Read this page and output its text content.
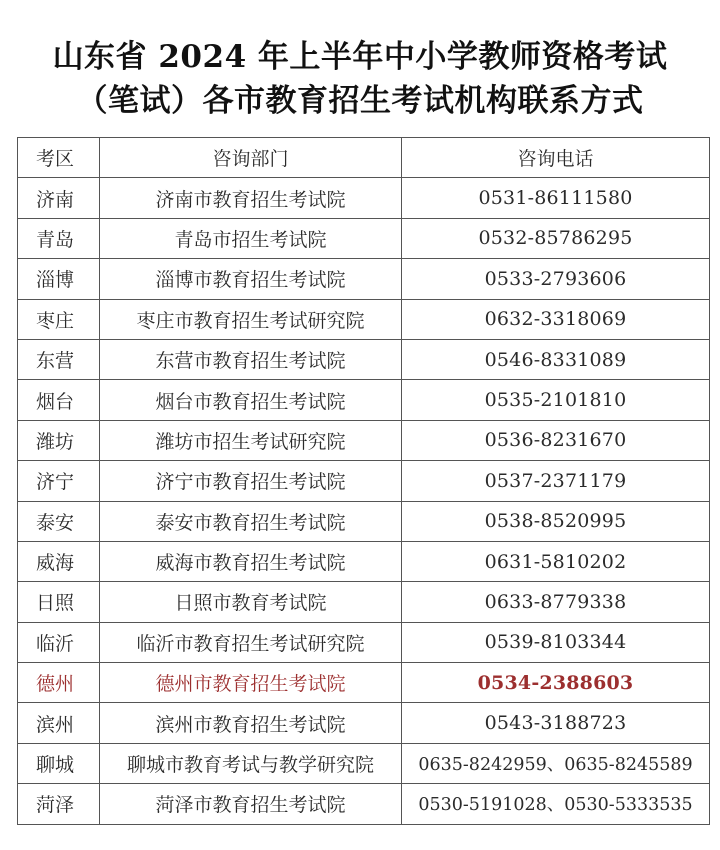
山东省 2024 年上半年中小学教师资格考试
（笔试）各市教育招生考试机构联系方式
考区	咨询部门	咨询电话
济南	济南市教育招生考试院	0531-86111580
青岛	青岛市招生考试院	0532-85786295
淄博	淄博市教育招生考试院	0533-2793606
枣庄	枣庄市教育招生考试研究院	0632-3318069
东营	东营市教育招生考试院	0546-8331089
烟台	烟台市教育招生考试院	0535-2101810
潍坊	潍坊市招生考试研究院	0536-8231670
济宁	济宁市教育招生考试院	0537-2371179
泰安	泰安市教育招生考试院	0538-8520995
威海	威海市教育招生考试院	0631-5810202
日照	日照市教育考试院	0633-8779338
临沂	临沂市教育招生考试研究院	0539-8103344
德州	德州市教育招生考试院	0534-2388603
滨州	滨州市教育招生考试院	0543-3188723
聊城	聊城市教育考试与教学研究院	0635-8242959、0635-8245589
菏泽	菏泽市教育招生考试院	0530-5191028、0530-5333535
